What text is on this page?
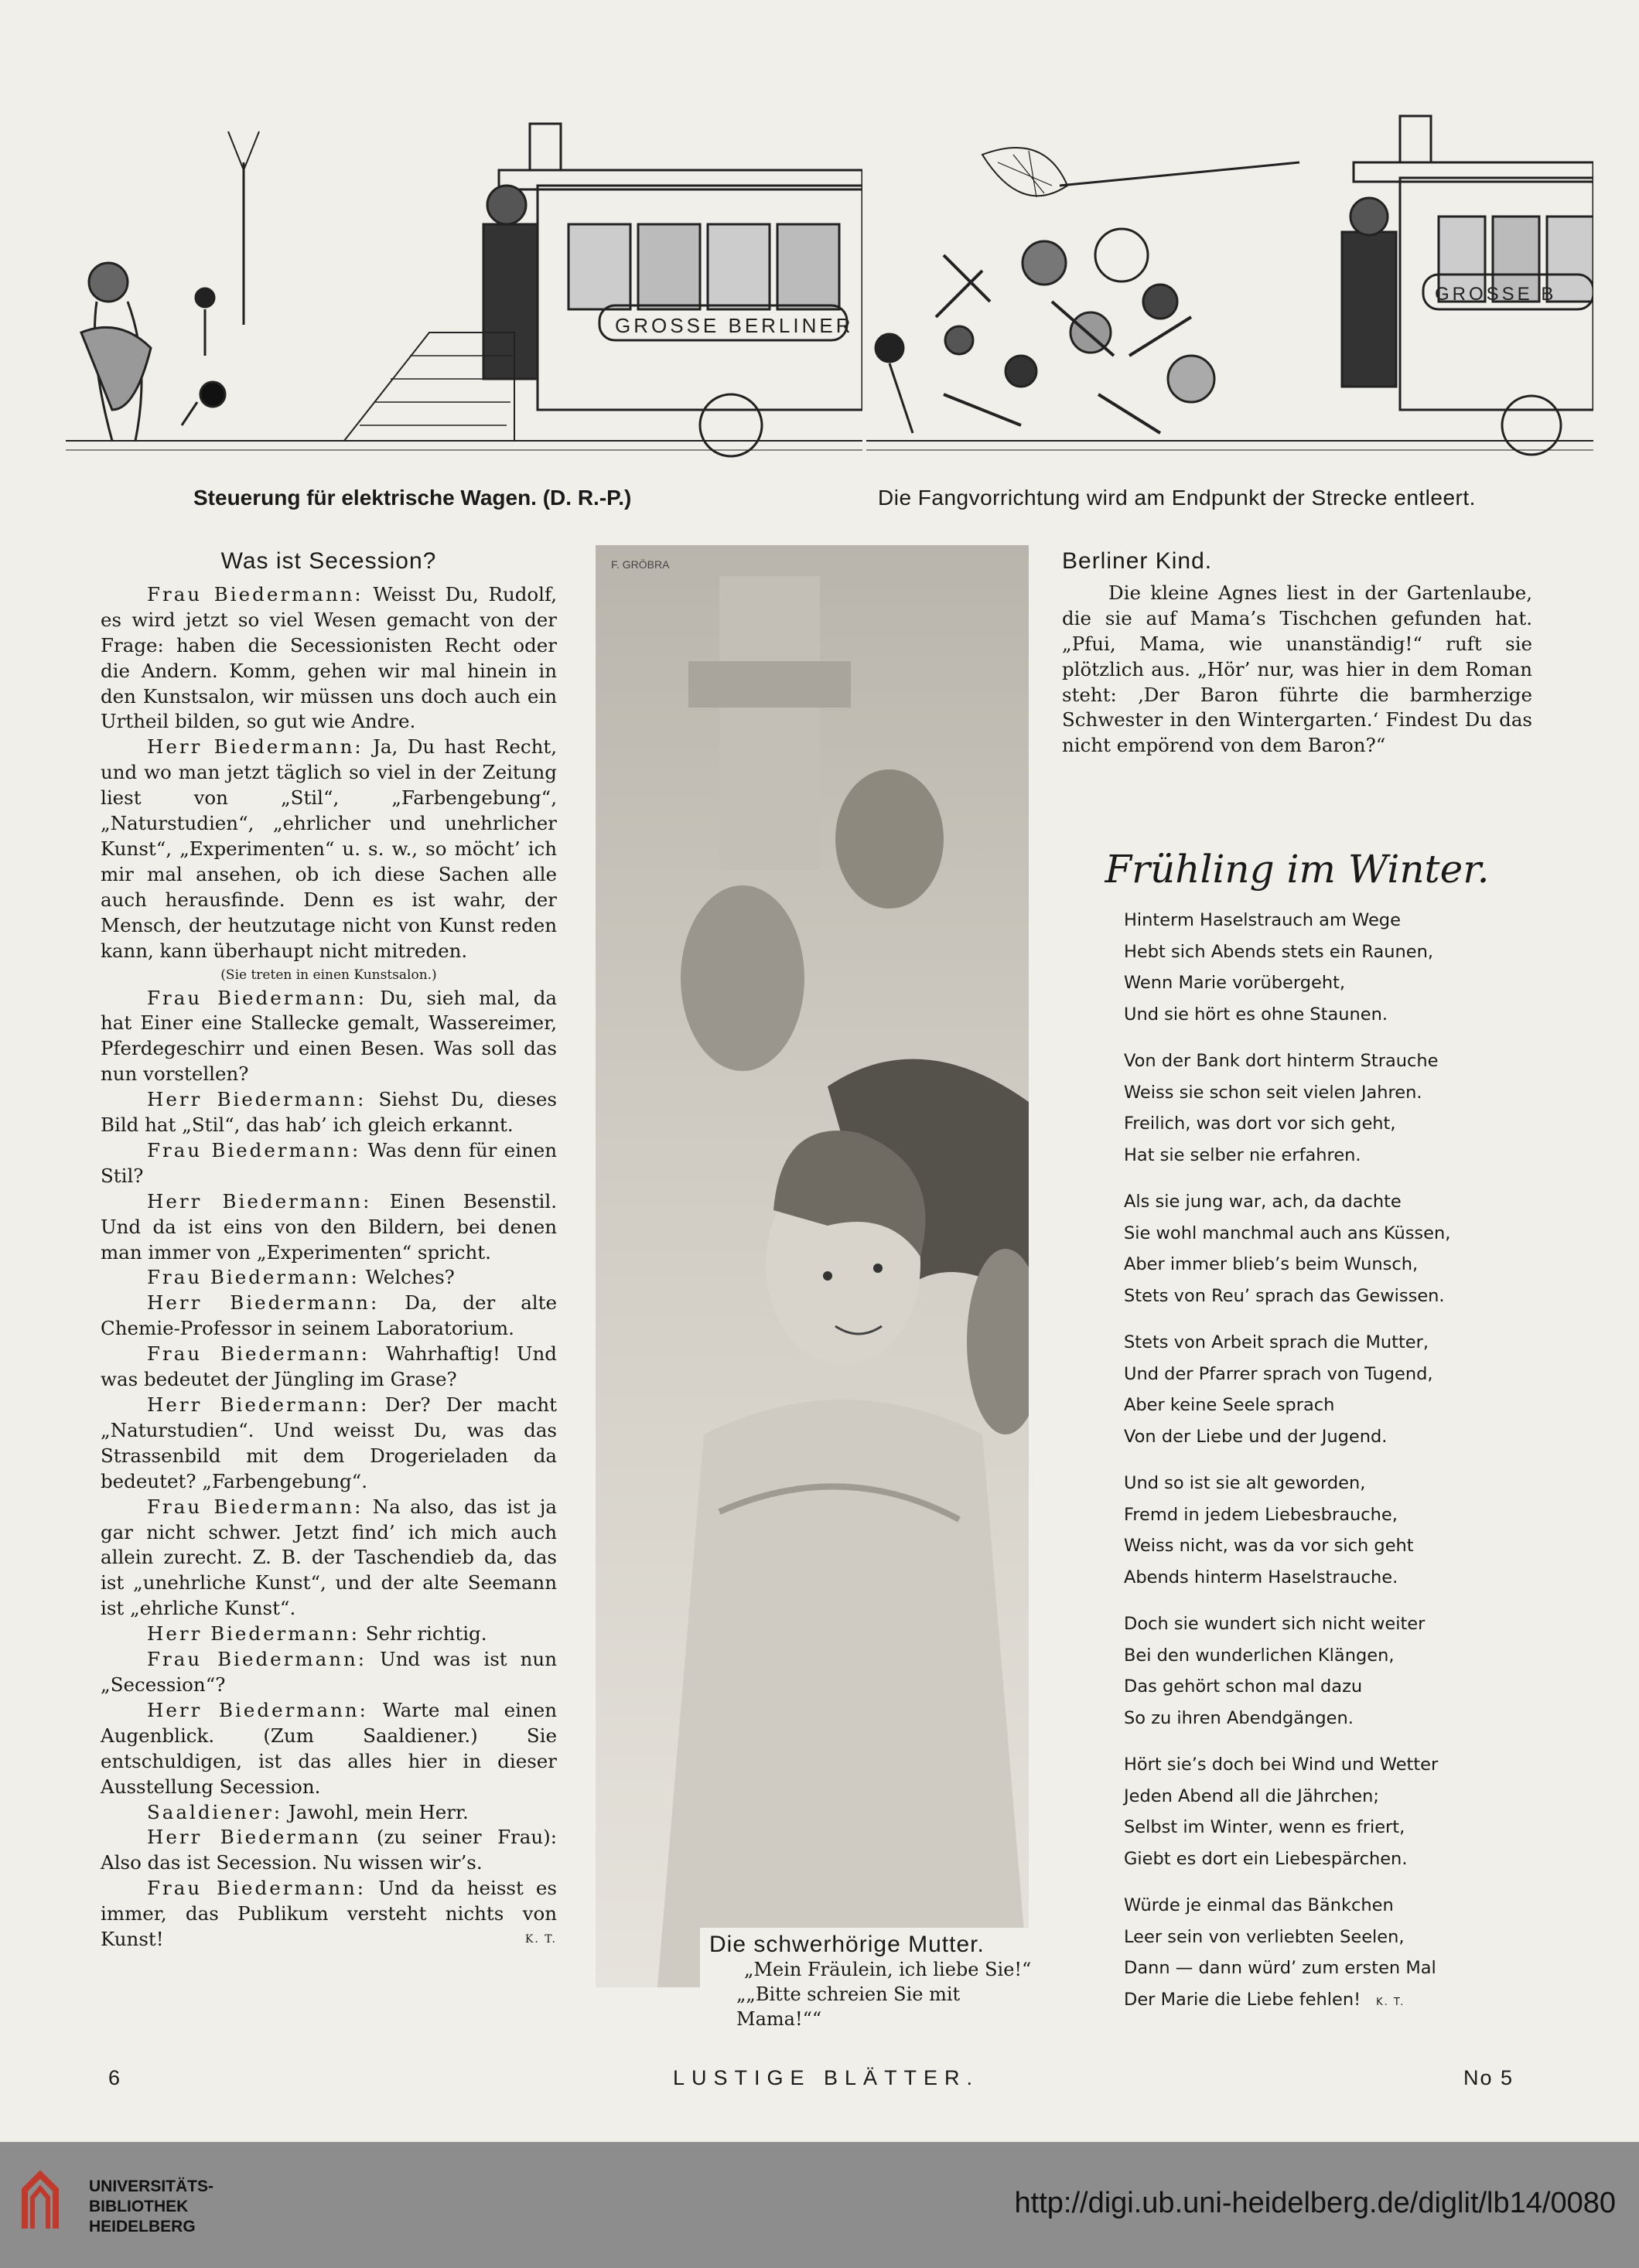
GROSSE BERLINER
Steuerung für elektrische Wagen. (D. R.-P.)
GROSSE B
Die Fangvorrichtung wird am Endpunkt der Strecke entleert.
Was ist Secession?

Frau Biedermann: Weisst Du, Rudolf, es wird jetzt so viel Wesen gemacht von der Frage: haben die Secessionisten Recht oder die Andern. Komm, gehen wir mal hinein in den Kunstsalon, wir müssen uns doch auch ein Urtheil bilden, so gut wie Andre.

Herr Biedermann: Ja, Du hast Recht, und wo man jetzt täglich so viel in der Zeitung liest von „Stil“, „Farbengebung“, „Naturstudien“, „ehrlicher und unehrlicher Kunst“, „Experimenten“ u. s. w., so möcht’ ich mir mal ansehen, ob ich diese Sachen alle auch herausfinde. Denn es ist wahr, der Mensch, der heutzutage nicht von Kunst reden kann, kann überhaupt nicht mitreden.

(Sie treten in einen Kunstsalon.)

Frau Biedermann: Du, sieh mal, da hat Einer eine Stallecke gemalt, Wassereimer, Pferdegeschirr und einen Besen. Was soll das nun vorstellen?

Herr Biedermann: Siehst Du, dieses Bild hat „Stil“, das hab’ ich gleich erkannt.

Frau Biedermann: Was denn für einen Stil?

Herr Biedermann: Einen Besenstil. Und da ist eins von den Bildern, bei denen man immer von „Experimenten“ spricht.

Frau Biedermann: Welches?

Herr Biedermann: Da, der alte Chemie-Professor in seinem Laboratorium.

Frau Biedermann: Wahrhaftig! Und was bedeutet der Jüngling im Grase?

Herr Biedermann: Der? Der macht „Naturstudien“. Und weisst Du, was das Strassenbild mit dem Drogerieladen da bedeutet? „Farbengebung“.

Frau Biedermann: Na also, das ist ja gar nicht schwer. Jetzt find’ ich mich auch allein zurecht. Z. B. der Taschendieb da, das ist „unehrliche Kunst“, und der alte Seemann ist „ehrliche Kunst“.

Herr Biedermann: Sehr richtig.

Frau Biedermann: Und was ist nun „Secession“?

Herr Biedermann: Warte mal einen Augenblick. (Zum Saaldiener.) Sie entschuldigen, ist das alles hier in dieser Ausstellung Secession.

Saaldiener: Jawohl, mein Herr.

Herr Biedermann (zu seiner Frau): Also das ist Secession. Nu wissen wir’s.

Frau Biedermann: Und da heisst es immer, das Publikum versteht nichts von Kunst!	K. T.

F. GRÖBRA
Die schwerhörige Mutter.
„Mein Fräulein, ich liebe Sie!“
„„Bitte schreien Sie mit Mama!““
Berliner Kind.

Die kleine Agnes liest in der Gartenlaube, die sie auf Mama’s Tischchen gefunden hat. „Pfui, Mama, wie unanständig!“ ruft sie plötzlich aus. „Hör’ nur, was hier in dem Roman steht: ‚Der Baron führte die barmherzige Schwester in den Wintergarten.‘ Findest Du das nicht empörend von dem Baron?“

Frühling im Winter.
Hinterm Haselstrauch am Wege
Hebt sich Abends stets ein Raunen,
Wenn Marie vorübergeht,
Und sie hört es ohne Staunen.
Von der Bank dort hinterm Strauche
Weiss sie schon seit vielen Jahren.
Freilich, was dort vor sich geht,
Hat sie selber nie erfahren.
Als sie jung war, ach, da dachte
Sie wohl manchmal auch ans Küssen,
Aber immer blieb’s beim Wunsch,
Stets von Reu’ sprach das Gewissen.
Stets von Arbeit sprach die Mutter,
Und der Pfarrer sprach von Tugend,
Aber keine Seele sprach
Von der Liebe und der Jugend.
Und so ist sie alt geworden,
Fremd in jedem Liebesbrauche,
Weiss nicht, was da vor sich geht
Abends hinterm Haselstrauche.
Doch sie wundert sich nicht weiter
Bei den wunderlichen Klängen,
Das gehört schon mal dazu
So zu ihren Abendgängen.
Hört sie’s doch bei Wind und Wetter
Jeden Abend all die Jährchen;
Selbst im Winter, wenn es friert,
Giebt es dort ein Liebespärchen.
Würde je einmal das Bänkchen
Leer sein von verliebten Seelen,
Dann — dann würd’ zum ersten Mal
Der Marie die Liebe fehlen! K. T.
6	LUSTIGE BLÄTTER.	No 5
UNIVERSITÄTS-
BIBLIOTHEK
HEIDELBERG
http://digi.ub.uni-heidelberg.de/diglit/lb14/0080
